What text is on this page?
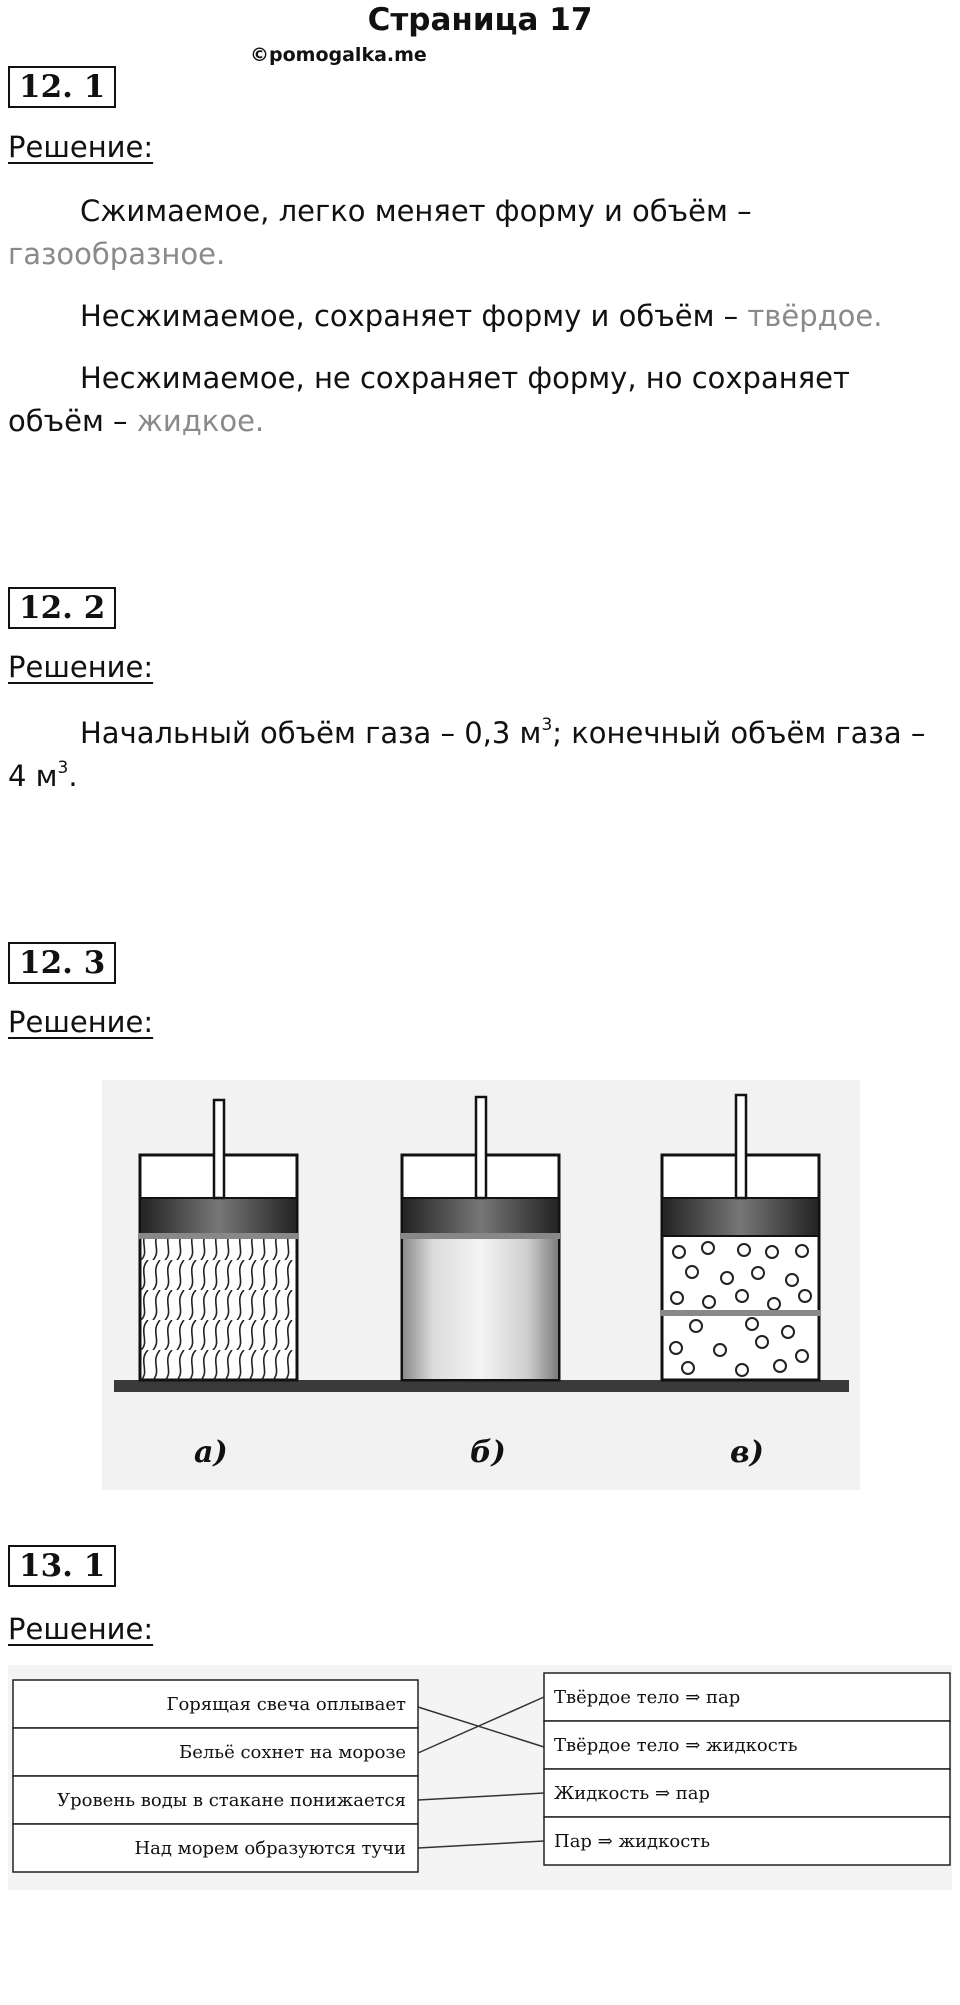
Страница 17
©pomogalka.me
12. 1
Решение:
Сжимаемое, легко меняет форму и объём –
газообразное.
Несжимаемое, сохраняет форму и объём – твёрдое.
Несжимаемое, не сохраняет форму, но сохраняет
объём – жидкое.
12. 2
Решение:
Начальный объём газа – 0,3 $м^3$; конечный объём газа –
4 $м^3$.
12. 3
Решение:
а)	б)	в)
13. 1
Решение:
Горящая свеча оплывает
Бельё сохнет на морозе
Уровень воды в стакане понижается
Над морем образуются тучи
Твёрдое тело ⇒ пар
Твёрдое тело ⇒ жидкость
Жидкость ⇒ пар
Пар ⇒ жидкость
